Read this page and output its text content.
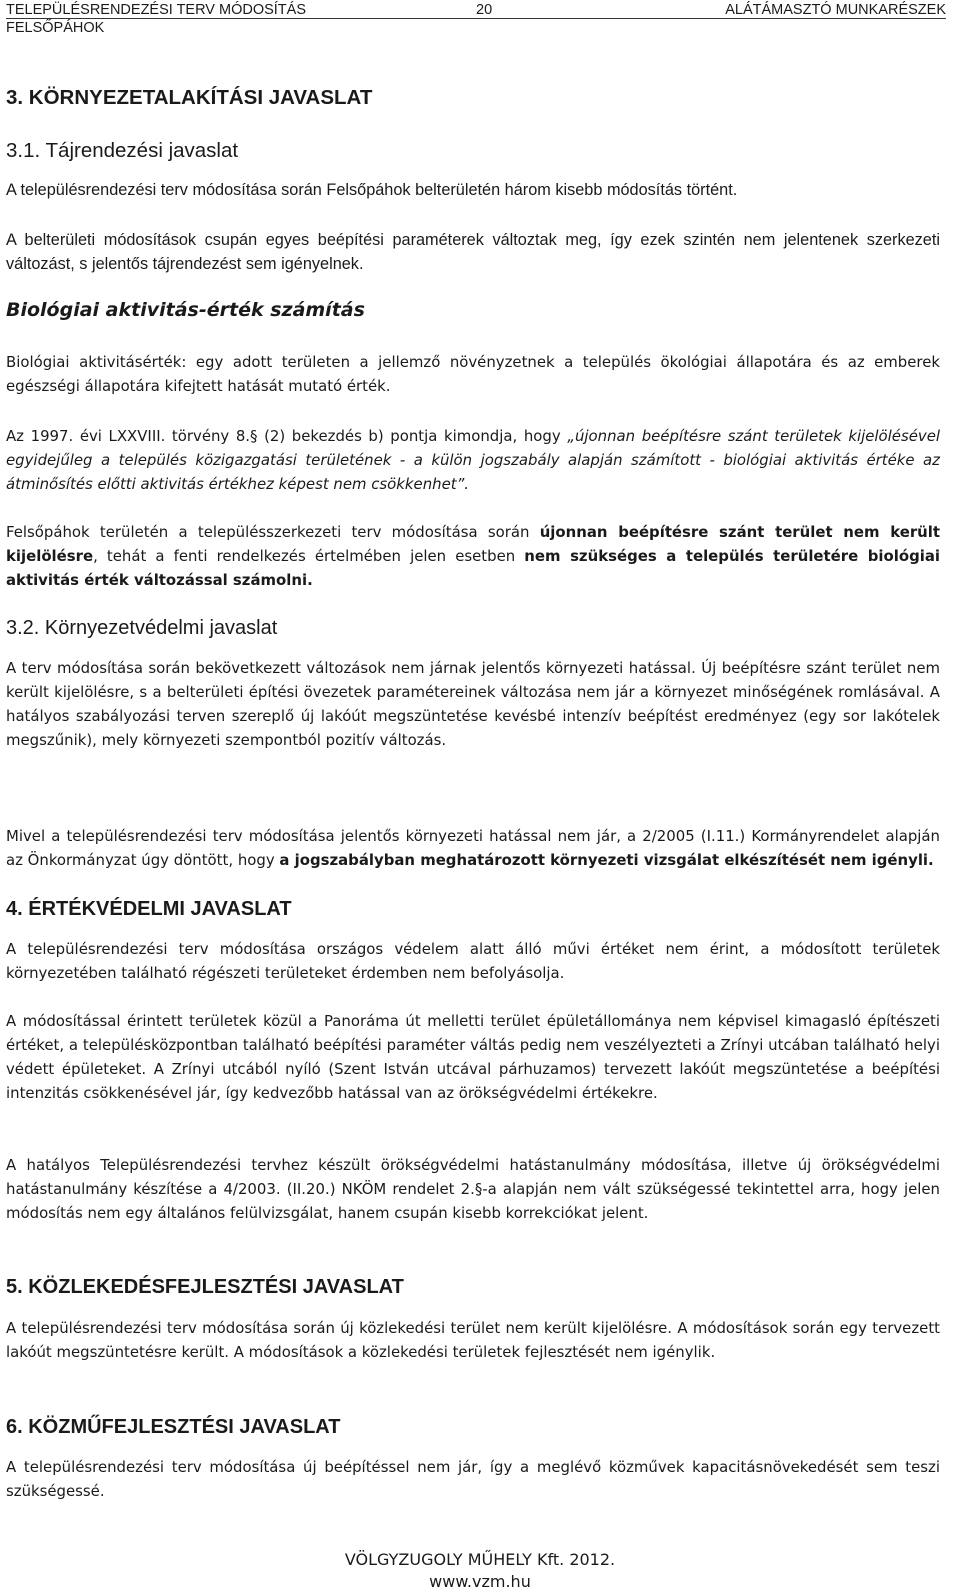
TELEPÜLÉSRENDEZÉSI TERV MÓDOSÍTÁS	20	ALÁTÁMASZTÓ MUNKARÉSZEK
FELSŐPÁHOK
3. KÖRNYEZETALAKÍTÁSI JAVASLAT
3.1. Tájrendezési javaslat
A településrendezési terv módosítása során Felsőpáhok belterületén három kisebb módosítás történt.
A belterületi módosítások csupán egyes beépítési paraméterek változtak meg, így ezek szintén nem jelentenek szerkezeti változást, s jelentős tájrendezést sem igényelnek.
Biológiai aktivitás-érték számítás
Biológiai aktivitásérték: egy adott területen a jellemző növényzetnek a település ökológiai állapotára és az emberek egészségi állapotára kifejtett hatását mutató érték.
Az 1997. évi LXXVIII. törvény 8.§ (2) bekezdés b) pontja kimondja, hogy „újonnan beépítésre szánt területek kijelölésével egyidejűleg a település közigazgatási területének - a külön jogszabály alapján számított - biológiai aktivitás értéke az átminősítés előtti aktivitás értékhez képest nem csökkenhet”.
Felsőpáhok területén a településszerkezeti terv módosítása során újonnan beépítésre szánt terület nem került kijelölésre, tehát a fenti rendelkezés értelmében jelen esetben nem szükséges a település területére biológiai aktivitás érték változással számolni.
3.2. Környezetvédelmi javaslat
A terv módosítása során bekövetkezett változások nem járnak jelentős környezeti hatással. Új beépítésre szánt terület nem került kijelölésre, s a belterületi építési övezetek paramétereinek változása nem jár a környezet minőségének romlásával. A hatályos szabályozási terven szereplő új lakóút megszüntetése kevésbé intenzív beépítést eredményez (egy sor lakótelek megszűnik), mely környezeti szempontból pozitív változás.
Mivel a településrendezési terv módosítása jelentős környezeti hatással nem jár, a 2/2005 (I.11.) Kormányrendelet alapján az Önkormányzat úgy döntött, hogy a jogszabályban meghatározott környezeti vizsgálat elkészítését nem igényli.
4. ÉRTÉKVÉDELMI JAVASLAT
A településrendezési terv módosítása országos védelem alatt álló művi értéket nem érint, a módosított területek környezetében található régészeti területeket érdemben nem befolyásolja.
A módosítással érintett területek közül a Panoráma út melletti terület épületállománya nem képvisel kimagasló építészeti értéket, a településközpontban található beépítési paraméter váltás pedig nem veszélyezteti a Zrínyi utcában található helyi védett épületeket. A Zrínyi utcából nyíló (Szent István utcával párhuzamos) tervezett lakóút megszüntetése a beépítési intenzitás csökkenésével jár, így kedvezőbb hatással van az örökségvédelmi értékekre.
A hatályos Településrendezési tervhez készült örökségvédelmi hatástanulmány módosítása, illetve új örökségvédelmi hatástanulmány készítése a 4/2003. (II.20.) NKÖM rendelet 2.§-a alapján nem vált szükségessé tekintettel arra, hogy jelen módosítás nem egy általános felülvizsgálat, hanem csupán kisebb korrekciókat jelent.
5. KÖZLEKEDÉSFEJLESZTÉSI JAVASLAT
A településrendezési terv módosítása során új közlekedési terület nem került kijelölésre. A módosítások során egy tervezett lakóút megszüntetésre került. A módosítások a közlekedési területek fejlesztését nem igénylik.
6. KÖZMŰFEJLESZTÉSI JAVASLAT
A településrendezési terv módosítása új beépítéssel nem jár, így a meglévő közművek kapacitásnövekedését sem teszi szükségessé.
VÖLGYZUGOLY MŰHELY Kft. 2012.
www.vzm.hu
